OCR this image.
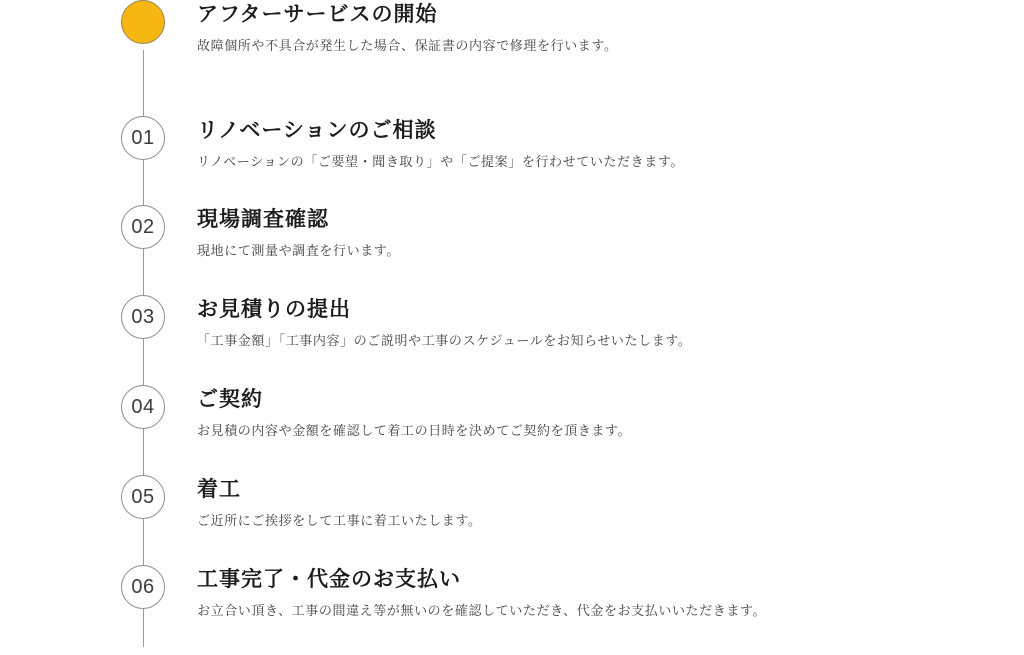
01 リノベーションのご相談

リノベーションの「ご要望・聞き取り」や「ご提案」を行わせていただきます。

02 現場調査確認

現地にて測量や調査を行います。

03 お見積りの提出

「工事金額」「工事内容」のご説明や工事のスケジュールをお知らせいたします。

04 ご契約

お見積の内容や金額を確認して着工の日時を決めてご契約を頂きます。

05 着工

ご近所にご挨拶をして工事に着工いたします。

06 工事完了・代金のお支払い

お立合い頂き、工事の間違え等が無いのを確認していただき、代金をお支払いいただきます。

アフターサービスの開始

故障個所や不具合が発生した場合、保証書の内容で修理を行います。
